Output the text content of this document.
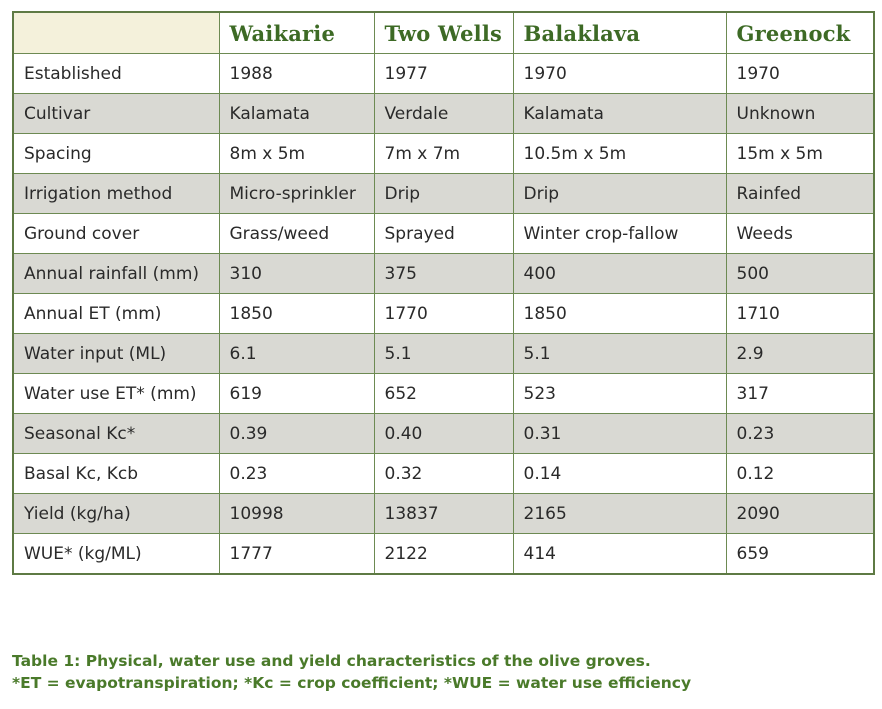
	Waikarie	Two Wells	Balaklava	Greenock
Established	1988	1977	1970	1970
Cultivar	Kalamata	Verdale	Kalamata	Unknown
Spacing	8m x 5m	7m x 7m	10.5m x 5m	15m x 5m
Irrigation method	Micro-sprinkler	Drip	Drip	Rainfed
Ground cover	Grass/weed	Sprayed	Winter crop-fallow	Weeds
Annual rainfall (mm)	310	375	400	500
Annual ET (mm)	1850	1770	1850	1710
Water input (ML)	6.1	5.1	5.1	2.9
Water use ET* (mm)	619	652	523	317
Seasonal Kc*	0.39	0.40	0.31	0.23
Basal Kc, Kcb	0.23	0.32	0.14	0.12
Yield (kg/ha)	10998	13837	2165	2090
WUE* (kg/ML)	1777	2122	414	659
Table 1: Physical, water use and yield characteristics of the olive groves.
*ET = evapotranspiration; *Kc = crop coefficient; *WUE = water use efficiency
